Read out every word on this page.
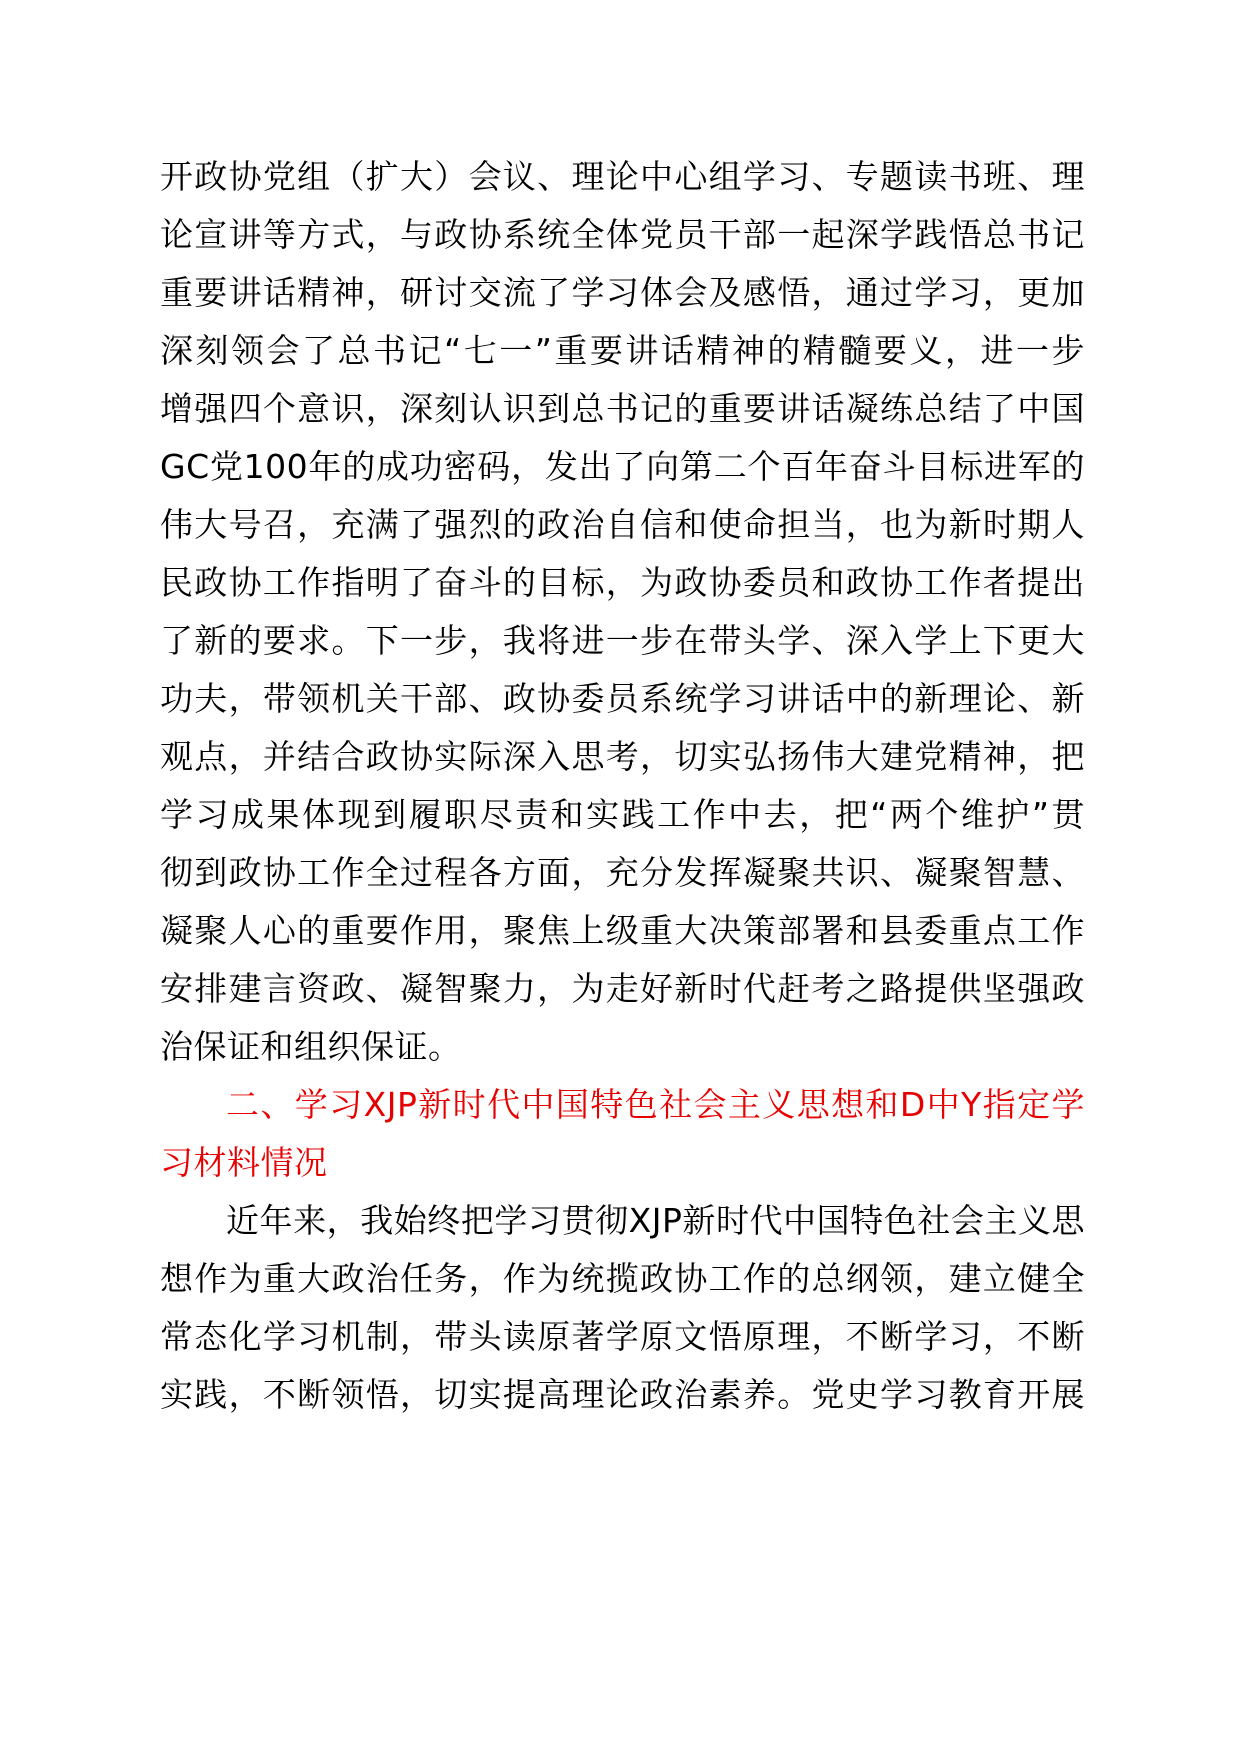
开政协党组（扩大）会议、理论中心组学习、专题读书班、理
论宣讲等方式，与政协系统全体党员干部一起深学践悟总书记
重要讲话精神，研讨交流了学习体会及感悟，通过学习，更加
深刻领会了总书记“七一”重要讲话精神的精髓要义，进一步
增强四个意识，深刻认识到总书记的重要讲话凝练总结了中国
GC党100年的成功密码，发出了向第二个百年奋斗目标进军的
伟大号召，充满了强烈的政治自信和使命担当，也为新时期人
民政协工作指明了奋斗的目标，为政协委员和政协工作者提出
了新的要求。下一步，我将进一步在带头学、深入学上下更大
功夫，带领机关干部、政协委员系统学习讲话中的新理论、新
观点，并结合政协实际深入思考，切实弘扬伟大建党精神，把
学习成果体现到履职尽责和实践工作中去，把“两个维护”贯
彻到政协工作全过程各方面，充分发挥凝聚共识、凝聚智慧、
凝聚人心的重要作用，聚焦上级重大决策部署和县委重点工作
安排建言资政、凝智聚力，为走好新时代赶考之路提供坚强政
治保证和组织保证。
二、学习XJP新时代中国特色社会主义思想和D中Y指定学
习材料情况
近年来，我始终把学习贯彻XJP新时代中国特色社会主义思
想作为重大政治任务，作为统揽政协工作的总纲领，建立健全
常态化学习机制，带头读原著学原文悟原理，不断学习，不断
实践，不断领悟，切实提高理论政治素养。党史学习教育开展
